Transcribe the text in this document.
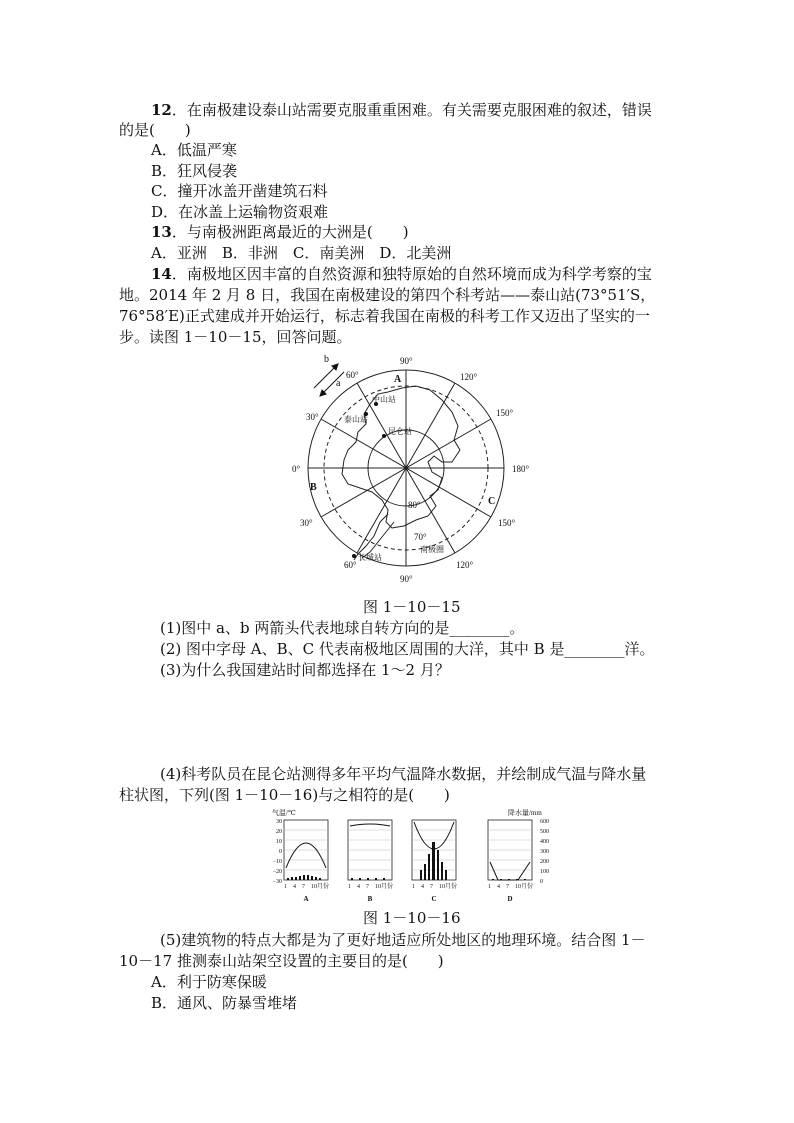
12．在南极建设泰山站需要克服重重困难。有关需要克服困难的叙述，错误
的是(　　)
A．低温严寒
B．狂风侵袭
C．撞开冰盖开凿建筑石料
D．在冰盖上运输物资艰难
13．与南极洲距离最近的大洲是(　　)
A．亚洲　B．非洲　C．南美洲　D．北美洲
14．南极地区因丰富的自然资源和独特原始的自然环境而成为科学考察的宝
地。2014 年 2 月 8 日，我国在南极建设的第四个科考站——泰山站(73°51′S，
76°58′E)正式建成并开始运行，标志着我国在南极的科考工作又迈出了坚实的一
步。读图 1－10－15，回答问题。
中山站
泰山站
昆仑站
长城站
南极圈
b
a
90°
120°
150°
180°
150°
120°
90°
60°
30°
0°
30°
60°
80°
70°
A
B
C
图 1－10－15
(1)图中 a、b 两箭头代表地球自转方向的是________。
(2) 图中字母 A、B、C 代表南极地区周围的大洋，其中 B 是________洋。
(3)为什么我国建站时间都选择在 1～2 月？
(4)科考队员在昆仑站测得多年平均气温降水数据，并绘制成气温与降水量
柱状图，下列(图 1－10－16)与之相符的是(　　)
气温/℃	降水量/mm
30
20
10
0
−10
−20
−30
600
500
400
300
200
100
0
1　4　7　10月份	1　4　7　10月份	1　4　7　10月份	1　4　7　10月份
A	B	C	D
图 1－10－16
(5)建筑物的特点大都是为了更好地适应所处地区的地理环境。结合图 1－
10－17 推测泰山站架空设置的主要目的是(　　)
A．利于防寒保暖
B．通风、防暴雪堆堵
